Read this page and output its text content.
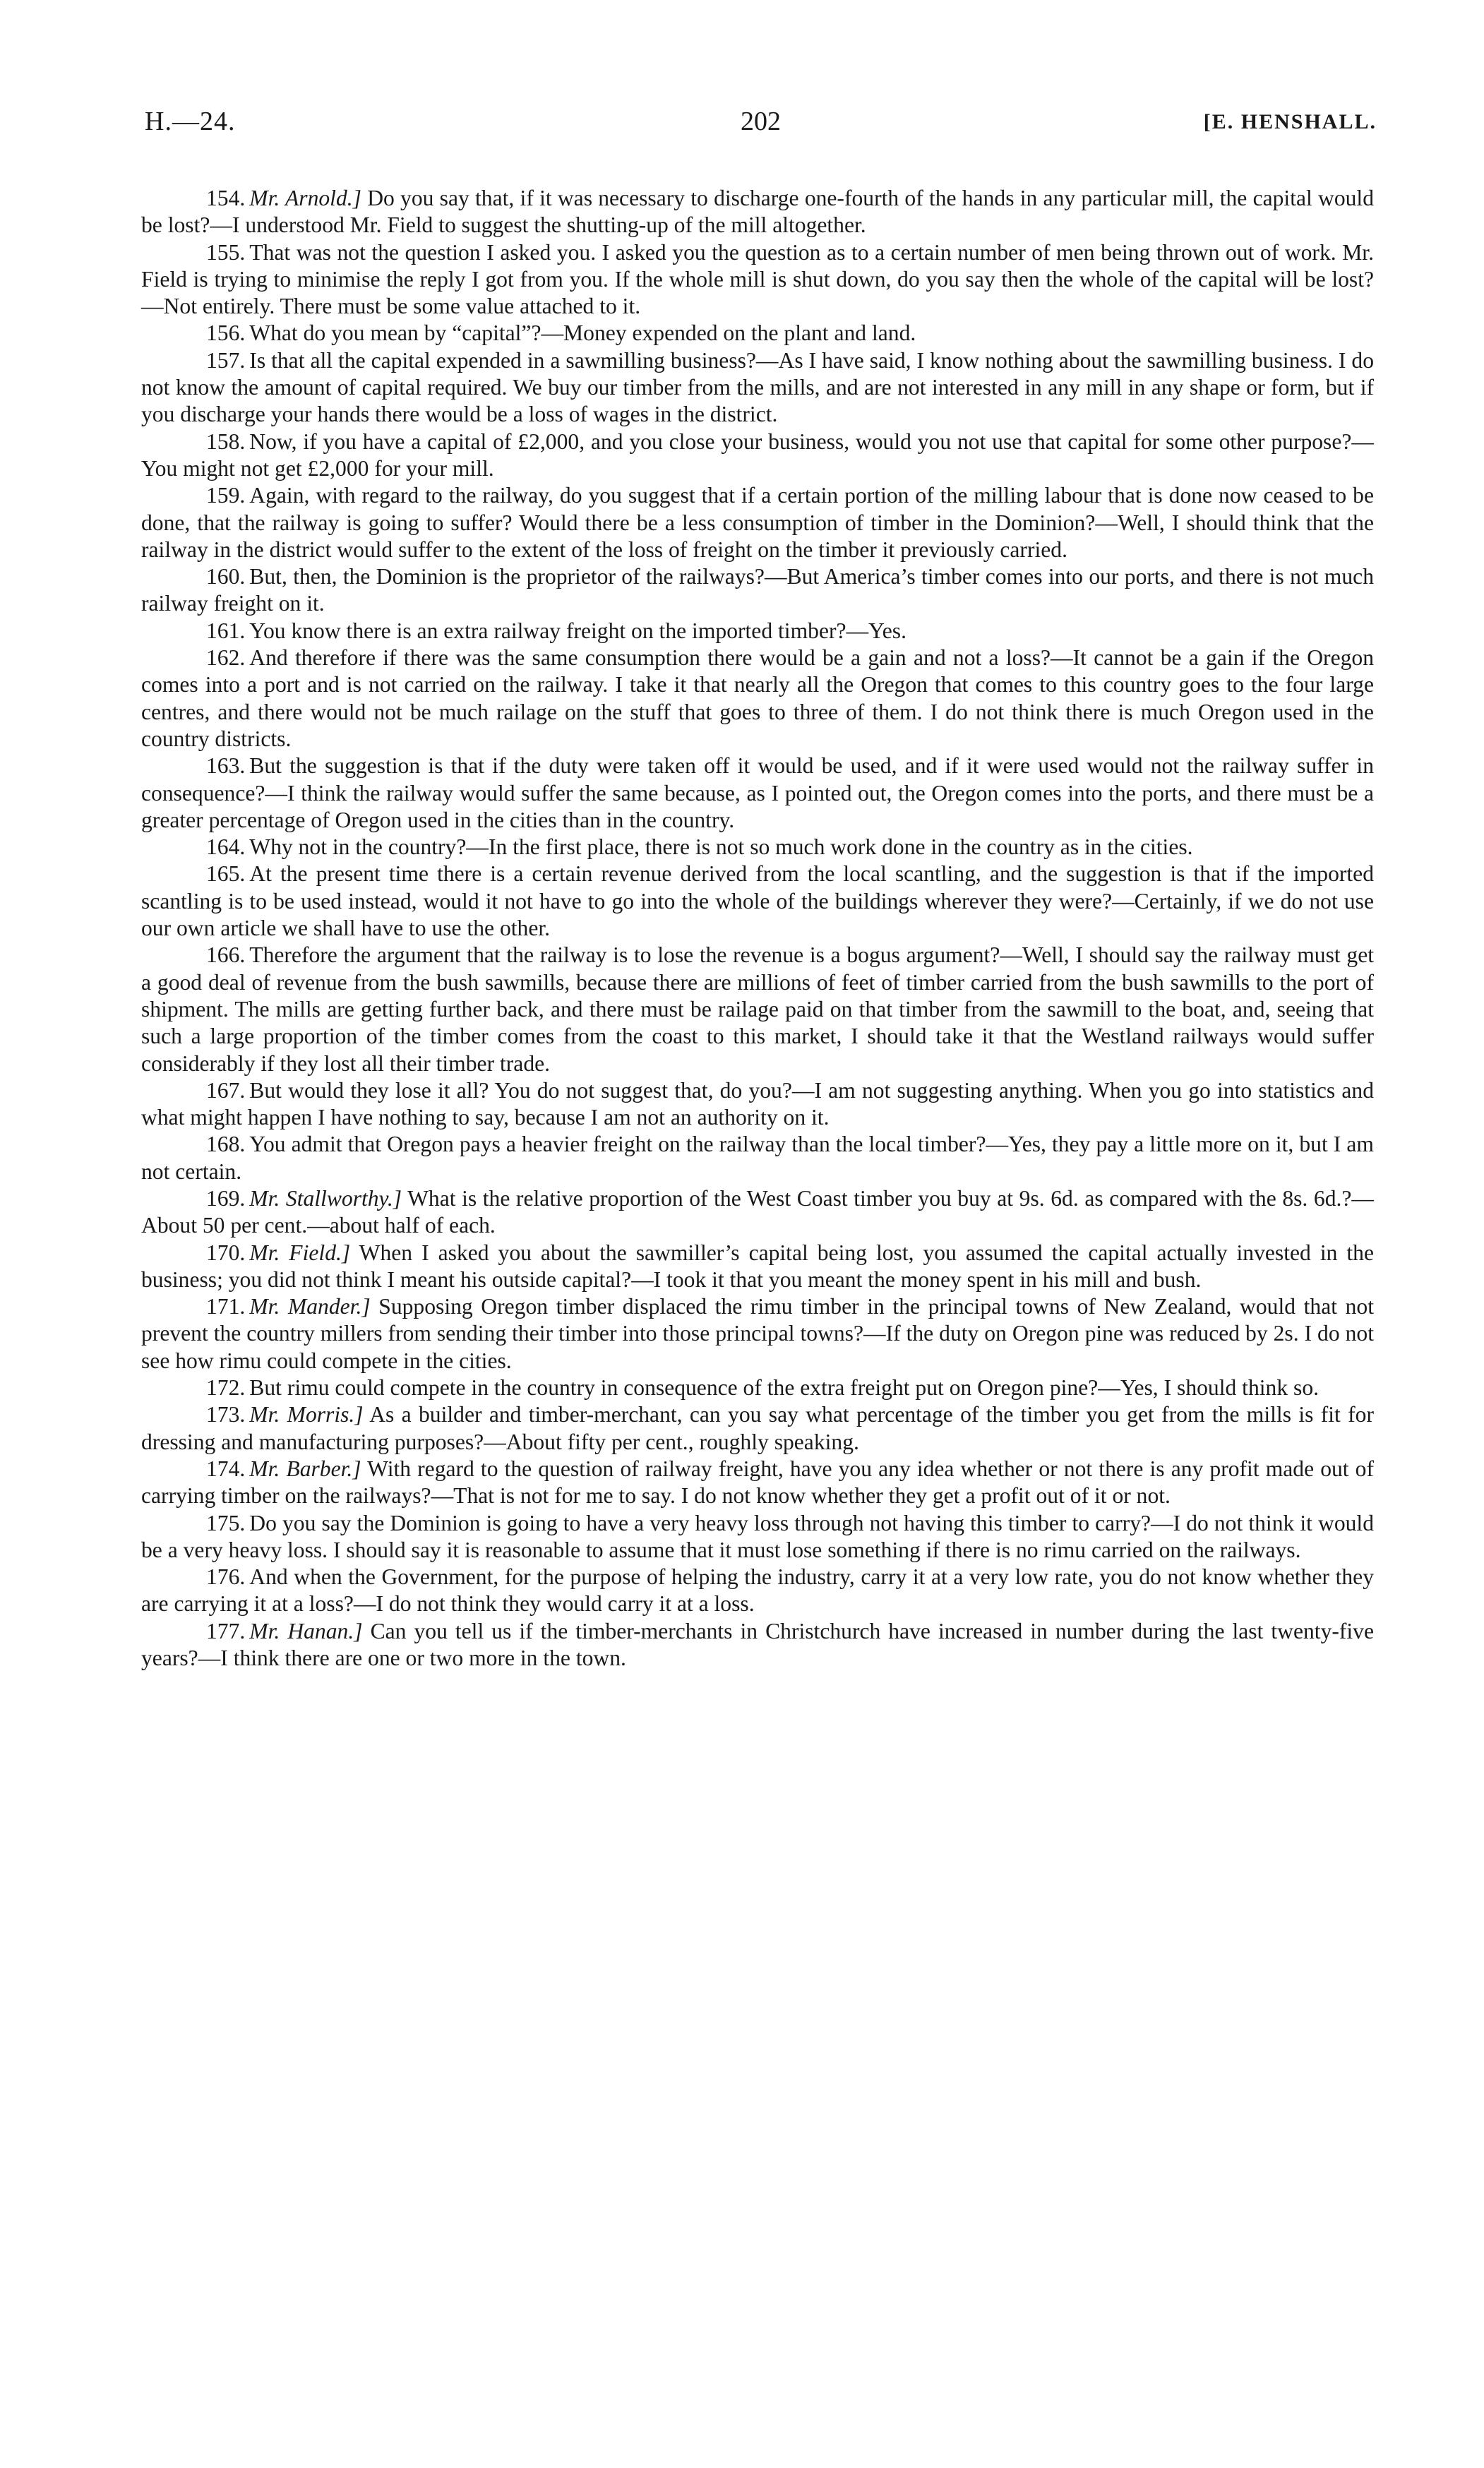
H.—24.	202	[E. HENSHALL.

154. Mr. Arnold.] Do you say that, if it was necessary to discharge one-fourth of the hands in any particular mill, the capital would be lost?—I understood Mr. Field to suggest the shutting-up of the mill altogether.

155. That was not the question I asked you. I asked you the question as to a certain number of men being thrown out of work. Mr. Field is trying to minimise the reply I got from you. If the whole mill is shut down, do you say then the whole of the capital will be lost?—Not entirely. There must be some value attached to it.

156. What do you mean by “capital”?—Money expended on the plant and land.

157. Is that all the capital expended in a sawmilling business?—As I have said, I know nothing about the sawmilling business. I do not know the amount of capital required. We buy our timber from the mills, and are not interested in any mill in any shape or form, but if you discharge your hands there would be a loss of wages in the district.

158. Now, if you have a capital of £2,000, and you close your business, would you not use that capital for some other purpose?—You might not get £2,000 for your mill.

159. Again, with regard to the railway, do you suggest that if a certain portion of the milling labour that is done now ceased to be done, that the railway is going to suffer? Would there be a less consumption of timber in the Dominion?—Well, I should think that the railway in the district would suffer to the extent of the loss of freight on the timber it previously carried.

160. But, then, the Dominion is the proprietor of the railways?—But America’s timber comes into our ports, and there is not much railway freight on it.

161. You know there is an extra railway freight on the imported timber?—Yes.

162. And therefore if there was the same consumption there would be a gain and not a loss?—It cannot be a gain if the Oregon comes into a port and is not carried on the railway. I take it that nearly all the Oregon that comes to this country goes to the four large centres, and there would not be much railage on the stuff that goes to three of them. I do not think there is much Oregon used in the country districts.

163. But the suggestion is that if the duty were taken off it would be used, and if it were used would not the railway suffer in consequence?—I think the railway would suffer the same because, as I pointed out, the Oregon comes into the ports, and there must be a greater percentage of Oregon used in the cities than in the country.

164. Why not in the country?—In the first place, there is not so much work done in the country as in the cities.

165. At the present time there is a certain revenue derived from the local scantling, and the suggestion is that if the imported scantling is to be used instead, would it not have to go into the whole of the buildings wherever they were?—Certainly, if we do not use our own article we shall have to use the other.

166. Therefore the argument that the railway is to lose the revenue is a bogus argument?—Well, I should say the railway must get a good deal of revenue from the bush sawmills, because there are millions of feet of timber carried from the bush sawmills to the port of shipment. The mills are getting further back, and there must be railage paid on that timber from the sawmill to the boat, and, seeing that such a large proportion of the timber comes from the coast to this market, I should take it that the Westland railways would suffer considerably if they lost all their timber trade.

167. But would they lose it all? You do not suggest that, do you?—I am not suggesting anything. When you go into statistics and what might happen I have nothing to say, because I am not an authority on it.

168. You admit that Oregon pays a heavier freight on the railway than the local timber?—Yes, they pay a little more on it, but I am not certain.

169. Mr. Stallworthy.] What is the relative proportion of the West Coast timber you buy at 9s. 6d. as compared with the 8s. 6d.?—About 50 per cent.—about half of each.

170. Mr. Field.] When I asked you about the sawmiller’s capital being lost, you assumed the capital actually invested in the business; you did not think I meant his outside capital?—I took it that you meant the money spent in his mill and bush.

171. Mr. Mander.] Supposing Oregon timber displaced the rimu timber in the principal towns of New Zealand, would that not prevent the country millers from sending their timber into those principal towns?—If the duty on Oregon pine was reduced by 2s. I do not see how rimu could compete in the cities.

172. But rimu could compete in the country in consequence of the extra freight put on Oregon pine?—Yes, I should think so.

173. Mr. Morris.] As a builder and timber-merchant, can you say what percentage of the timber you get from the mills is fit for dressing and manufacturing purposes?—About fifty per cent., roughly speaking.

174. Mr. Barber.] With regard to the question of railway freight, have you any idea whether or not there is any profit made out of carrying timber on the railways?—That is not for me to say. I do not know whether they get a profit out of it or not.

175. Do you say the Dominion is going to have a very heavy loss through not having this timber to carry?—I do not think it would be a very heavy loss. I should say it is reasonable to assume that it must lose something if there is no rimu carried on the railways.

176. And when the Government, for the purpose of helping the industry, carry it at a very low rate, you do not know whether they are carrying it at a loss?—I do not think they would carry it at a loss.

177. Mr. Hanan.] Can you tell us if the timber-merchants in Christchurch have increased in number during the last twenty-five years?—I think there are one or two more in the town.
